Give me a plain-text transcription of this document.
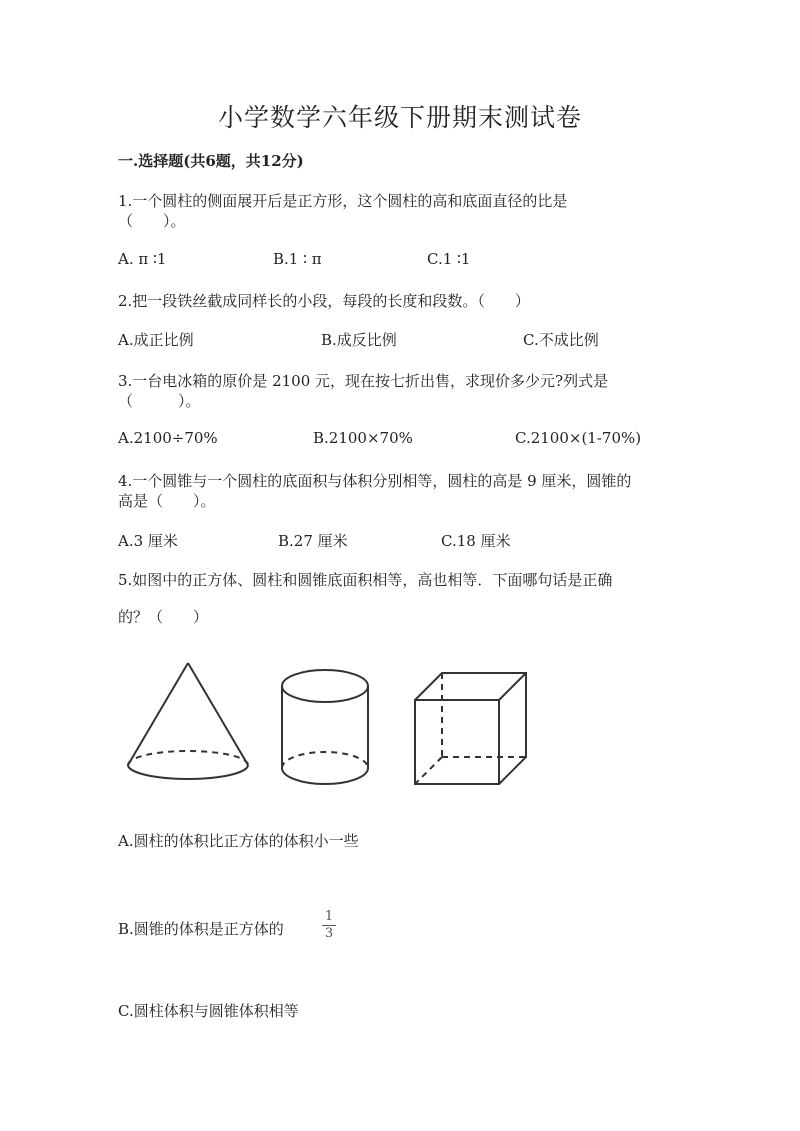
小学数学六年级下册期末测试卷
一.选择题(共6题，共12分)
1.一个圆柱的侧面展开后是正方形，这个圆柱的高和底面直径的比是
（　　）。
A. π ∶1	B.1 ∶ π	C.1 ∶1
2.把一段铁丝截成同样长的小段，每段的长度和段数。（　　）
A.成正比例	B.成反比例	C.不成比例
3.一台电冰箱的原价是 2100 元，现在按七折出售，求现价多少元?列式是
（　　　）。
A.2100÷70%	B.2100×70%	C.2100×(1-70%)
4.一个圆锥与一个圆柱的底面积与体积分别相等，圆柱的高是 9 厘米，圆锥的
高是（　　）。
A.3 厘米	B.27 厘米	C.18 厘米
5.如图中的正方体、圆柱和圆锥底面积相等，高也相等．下面哪句话是正确
的？（　　）
A.圆柱的体积比正方体的体积小一些
B.圆锥的体积是正方体的
1
3
C.圆柱体积与圆锥体积相等
